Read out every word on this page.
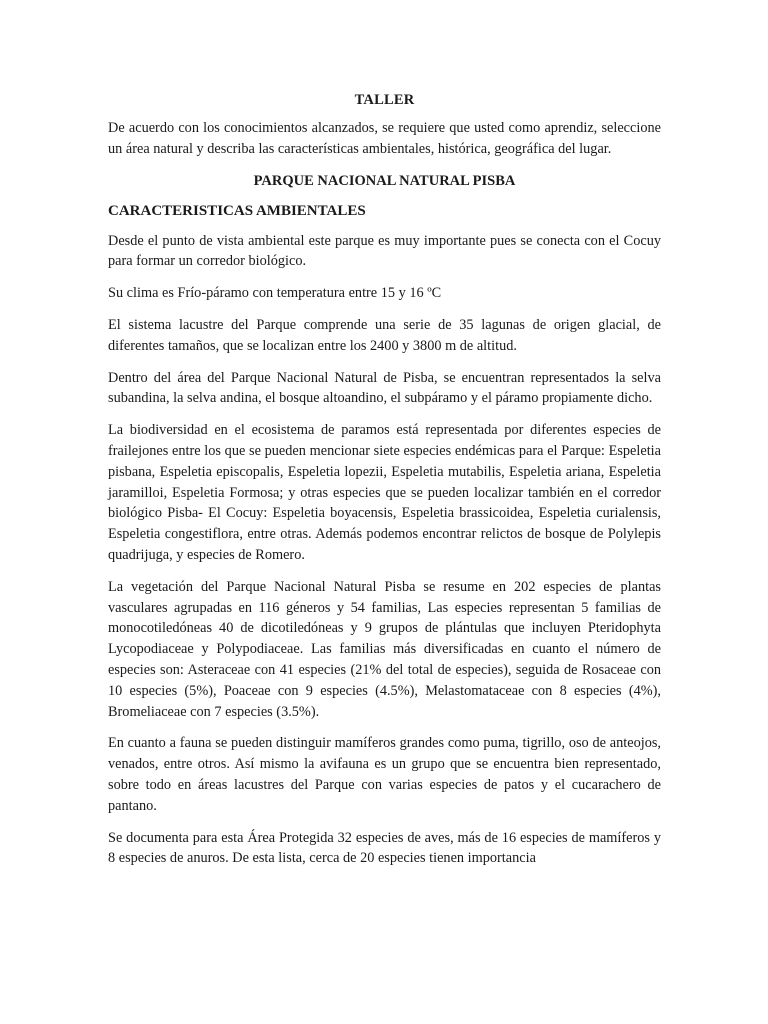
TALLER

De acuerdo con los conocimientos alcanzados, se requiere que usted como aprendiz, seleccione un área natural y describa las características ambientales, histórica, geográfica del lugar.

PARQUE NACIONAL NATURAL PISBA
CARACTERISTICAS AMBIENTALES

Desde el punto de vista ambiental este parque es muy importante pues se conecta con el Cocuy para formar un corredor biológico.

Su clima es Frío-páramo con temperatura entre 15 y 16 ºC

El sistema lacustre del Parque comprende una serie de 35 lagunas de origen glacial, de diferentes tamaños, que se localizan entre los 2400 y 3800 m de altitud.

Dentro del área del Parque Nacional Natural de Pisba, se encuentran representados la selva subandina, la selva andina, el bosque altoandino, el subpáramo y el páramo propiamente dicho.

La biodiversidad en el ecosistema de paramos está representada por diferentes especies de frailejones entre los que se pueden mencionar siete especies endémicas para el Parque: Espeletia pisbana, Espeletia episcopalis, Espeletia lopezii, Espeletia mutabilis, Espeletia ariana, Espeletia jaramilloi, Espeletia Formosa; y otras especies que se pueden localizar también en el corredor biológico Pisba- El Cocuy: Espeletia boyacensis, Espeletia brassicoidea, Espeletia curialensis, Espeletia congestiflora, entre otras. Además podemos encontrar relictos de bosque de Polylepis quadrijuga, y especies de Romero.

La vegetación del Parque Nacional Natural Pisba se resume en 202 especies de plantas vasculares agrupadas en 116 géneros y 54 familias, Las especies representan 5 familias de monocotiledóneas 40 de dicotiledóneas y 9 grupos de plántulas que incluyen Pteridophyta Lycopodiaceae y Polypodiaceae. Las familias más diversificadas en cuanto el número de especies son: Asteraceae con 41 especies (21% del total de especies), seguida de Rosaceae con 10 especies (5%), Poaceae con 9 especies (4.5%), Melastomataceae con 8 especies (4%), Bromeliaceae con 7 especies (3.5%).

En cuanto a fauna se pueden distinguir mamíferos grandes como puma, tigrillo, oso de anteojos, venados, entre otros. Así mismo la avifauna es un grupo que se encuentra bien representado, sobre todo en áreas lacustres del Parque con varias especies de patos y el cucarachero de pantano.

Se documenta para esta Área Protegida 32 especies de aves, más de 16 especies de mamíferos y 8 especies de anuros. De esta lista, cerca de 20 especies tienen importancia
